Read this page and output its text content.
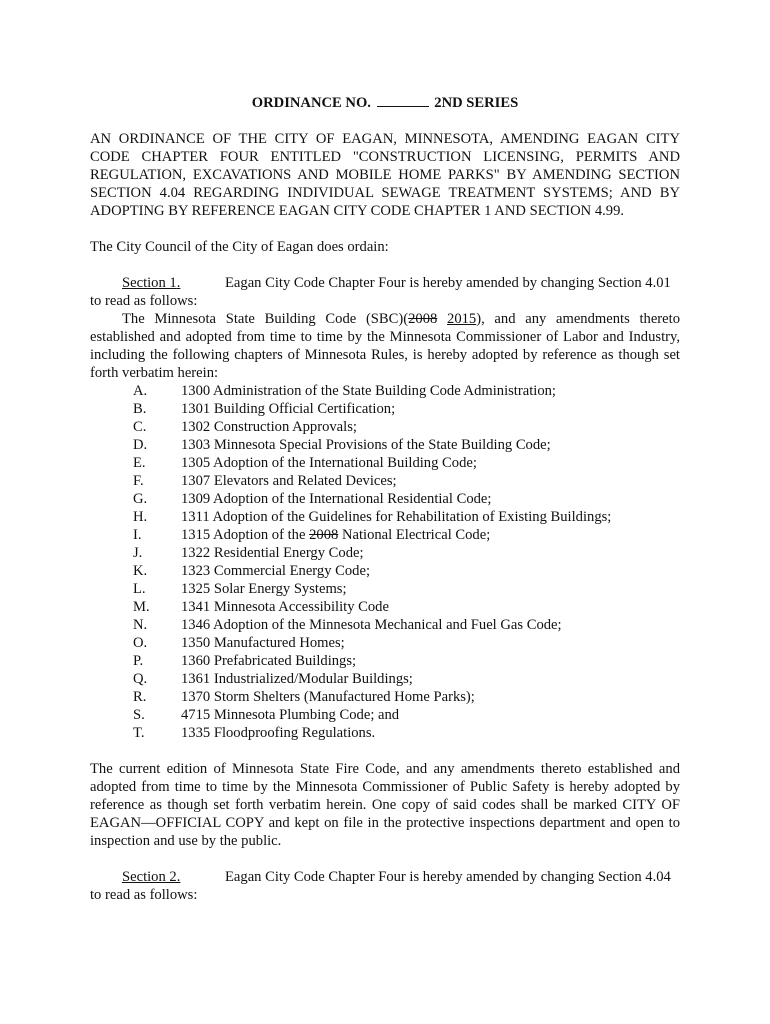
ORDINANCE NO.	2ND SERIES

AN ORDINANCE OF THE CITY OF EAGAN, MINNESOTA, AMENDING EAGAN CITY CODE CHAPTER FOUR ENTITLED "CONSTRUCTION LICENSING, PERMITS AND REGULATION, EXCAVATIONS AND MOBILE HOME PARKS" BY AMENDING SECTION SECTION 4.04 REGARDING INDIVIDUAL SEWAGE TREATMENT SYSTEMS; AND BY ADOPTING BY REFERENCE EAGAN CITY CODE CHAPTER 1 AND SECTION 4.99.

The City Council of the City of Eagan does ordain:

Section 1.	Eagan City Code Chapter Four is hereby amended by changing Section 4.01

to read as follows:

The Minnesota State Building Code (SBC)(2008 2015), and any amendments thereto established and adopted from time to time by the Minnesota Commissioner of Labor and Industry, including the following chapters of Minnesota Rules, is hereby adopted by reference as though set forth verbatim herein:

A.	1300 Administration of the State Building Code Administration;
B.	1301 Building Official Certification;
C.	1302 Construction Approvals;
D.	1303 Minnesota Special Provisions of the State Building Code;
E.	1305 Adoption of the International Building Code;
F.	1307 Elevators and Related Devices;
G.	1309 Adoption of the International Residential Code;
H.	1311 Adoption of the Guidelines for Rehabilitation of Existing Buildings;
I.	1315 Adoption of the 2008 National Electrical Code;
J.	1322 Residential Energy Code;
K.	1323 Commercial Energy Code;
L.	1325 Solar Energy Systems;
M.	1341 Minnesota Accessibility Code
N.	1346 Adoption of the Minnesota Mechanical and Fuel Gas Code;
O.	1350 Manufactured Homes;
P.	1360 Prefabricated Buildings;
Q.	1361 Industrialized/Modular Buildings;
R.	1370 Storm Shelters (Manufactured Home Parks);
S.	4715 Minnesota Plumbing Code; and
T.	1335 Floodproofing Regulations.

The current edition of Minnesota State Fire Code, and any amendments thereto established and adopted from time to time by the Minnesota Commissioner of Public Safety is hereby adopted by reference as though set forth verbatim herein. One copy of said codes shall be marked CITY OF EAGAN—OFFICIAL COPY and kept on file in the protective inspections department and open to inspection and use by the public.

Section 2.	Eagan City Code Chapter Four is hereby amended by changing Section 4.04

to read as follows:
